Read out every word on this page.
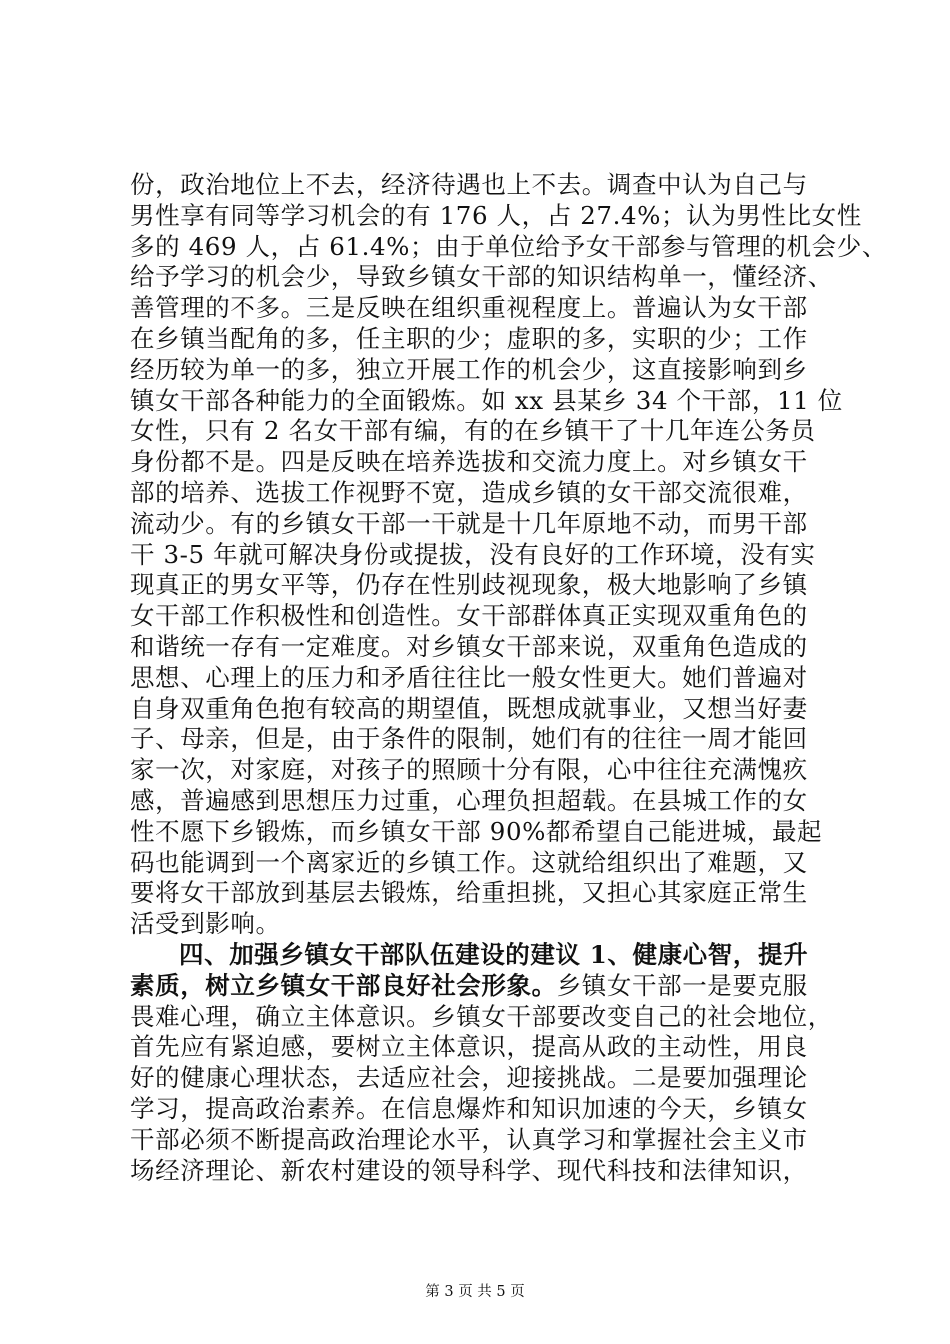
份，政治地位上不去，经济待遇也上不去。调查中认为自己与
男性享有同等学习机会的有 176 人，占 27.4%；认为男性比女性
多的 469 人，占 61.4%；由于单位给予女干部参与管理的机会少、
给予学习的机会少，导致乡镇女干部的知识结构单一，懂经济、
善管理的不多。三是反映在组织重视程度上。普遍认为女干部
在乡镇当配角的多，任主职的少；虚职的多，实职的少；工作
经历较为单一的多，独立开展工作的机会少，这直接影响到乡
镇女干部各种能力的全面锻炼。如 xx 县某乡 34 个干部，11 位
女性，只有 2 名女干部有编，有的在乡镇干了十几年连公务员
身份都不是。四是反映在培养选拔和交流力度上。对乡镇女干
部的培养、选拔工作视野不宽，造成乡镇的女干部交流很难，
流动少。有的乡镇女干部一干就是十几年原地不动，而男干部
干 3-5 年就可解决身份或提拔，没有良好的工作环境，没有实
现真正的男女平等，仍存在性别歧视现象，极大地影响了乡镇
女干部工作积极性和创造性。女干部群体真正实现双重角色的
和谐统一存有一定难度。对乡镇女干部来说，双重角色造成的
思想、心理上的压力和矛盾往往比一般女性更大。她们普遍对
自身双重角色抱有较高的期望值，既想成就事业，又想当好妻
子、母亲，但是，由于条件的限制，她们有的往往一周才能回
家一次，对家庭，对孩子的照顾十分有限，心中往往充满愧疚
感，普遍感到思想压力过重，心理负担超载。在县城工作的女
性不愿下乡锻炼，而乡镇女干部 90%都希望自己能进城，最起
码也能调到一个离家近的乡镇工作。这就给组织出了难题，又
要将女干部放到基层去锻炼，给重担挑，又担心其家庭正常生
活受到影响。
四、加强乡镇女干部队伍建设的建议 1、健康心智，提升
素质，树立乡镇女干部良好社会形象。乡镇女干部一是要克服
畏难心理，确立主体意识。乡镇女干部要改变自己的社会地位，
首先应有紧迫感，要树立主体意识，提高从政的主动性，用良
好的健康心理状态，去适应社会，迎接挑战。二是要加强理论
学习，提高政治素养。在信息爆炸和知识加速的今天，乡镇女
干部必须不断提高政治理论水平，认真学习和掌握社会主义市
场经济理论、新农村建设的领导科学、现代科技和法律知识，
第 3 页 共 5 页
